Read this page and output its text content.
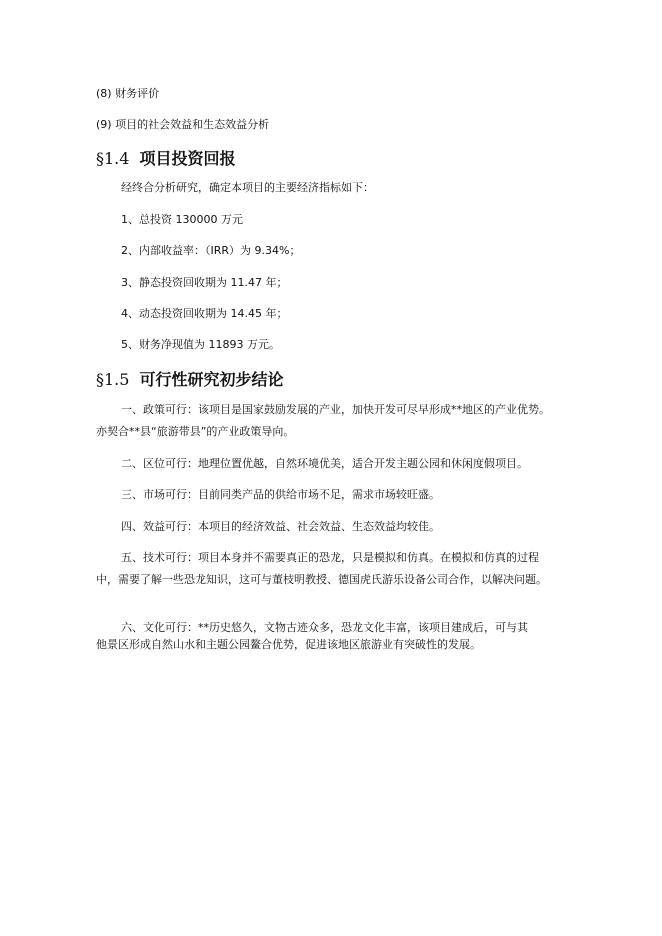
(8) 财务评价
(9) 项目的社会效益和生态效益分析
§1.4 项目投资回报
经终合分析研究，确定本项目的主要经济指标如下：
1、总投资 130000 万元
2、内部收益率：（IRR）为 9.34%；
3、静态投资回收期为 11.47 年；
4、动态投资回收期为 14.45 年；
5、财务净现值为 11893 万元。
§1.5 可行性研究初步结论
一、政策可行：该项目是国家鼓励发展的产业，加快开发可尽早形成**地区的产业优势。
亦契合**县“旅游带县”的产业政策导向。
二、区位可行：地理位置优越，自然环境优美，适合开发主题公园和休闲度假项目。
三、市场可行：目前同类产品的供给市场不足，需求市场较旺盛。
四、效益可行：本项目的经济效益、社会效益、生态效益均较佳。
五、技术可行：项目本身并不需要真正的恐龙，只是模拟和仿真。在模拟和仿真的过程
中，需要了解一些恐龙知识，这可与董枝明教授、德国虎氏游乐设备公司合作，以解决问题。
六、文化可行：**历史悠久，文物古迹众多，恐龙文化丰富，该项目建成后，可与其
他景区形成自然山水和主题公园鳌合优势，促进该地区旅游业有突破性的发展。
